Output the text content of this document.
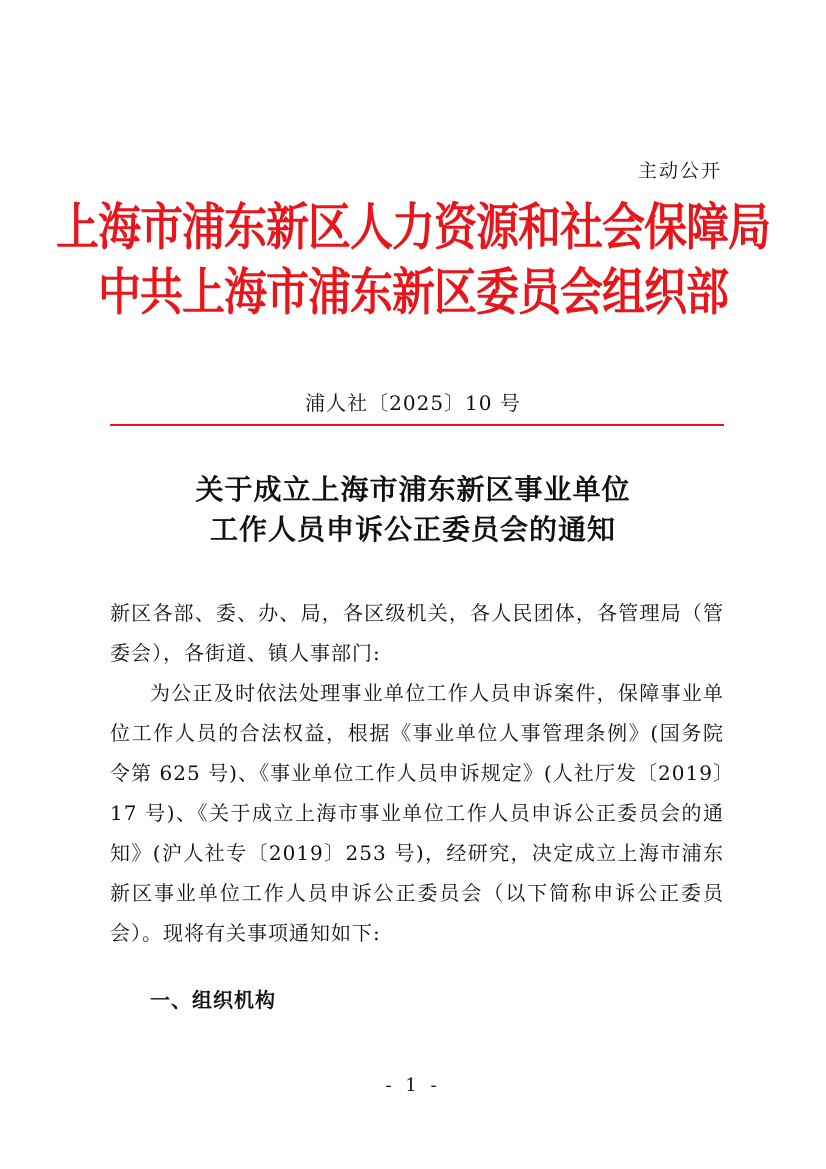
主动公开
上海市浦东新区人力资源和社会保障局
中共上海市浦东新区委员会组织部
浦人社〔2025〕10 号
关于成立上海市浦东新区事业单位
工作人员申诉公正委员会的通知

新区各部、委、办、局，各区级机关，各人民团体，各管理局（管委会），各街道、镇人事部门:

为公正及时依法处理事业单位工作人员申诉案件，保障事业单位工作人员的合法权益，根据《事业单位人事管理条例》(国务院令第 625 号)、《事业单位工作人员申诉规定》(人社厅发〔2019〕17 号)、《关于成立上海市事业单位工作人员申诉公正委员会的通知》(沪人社专〔2019〕253 号)，经研究，决定成立上海市浦东新区事业单位工作人员申诉公正委员会（以下简称申诉公正委员会）。现将有关事项通知如下:

一、组织机构
- 1 -
